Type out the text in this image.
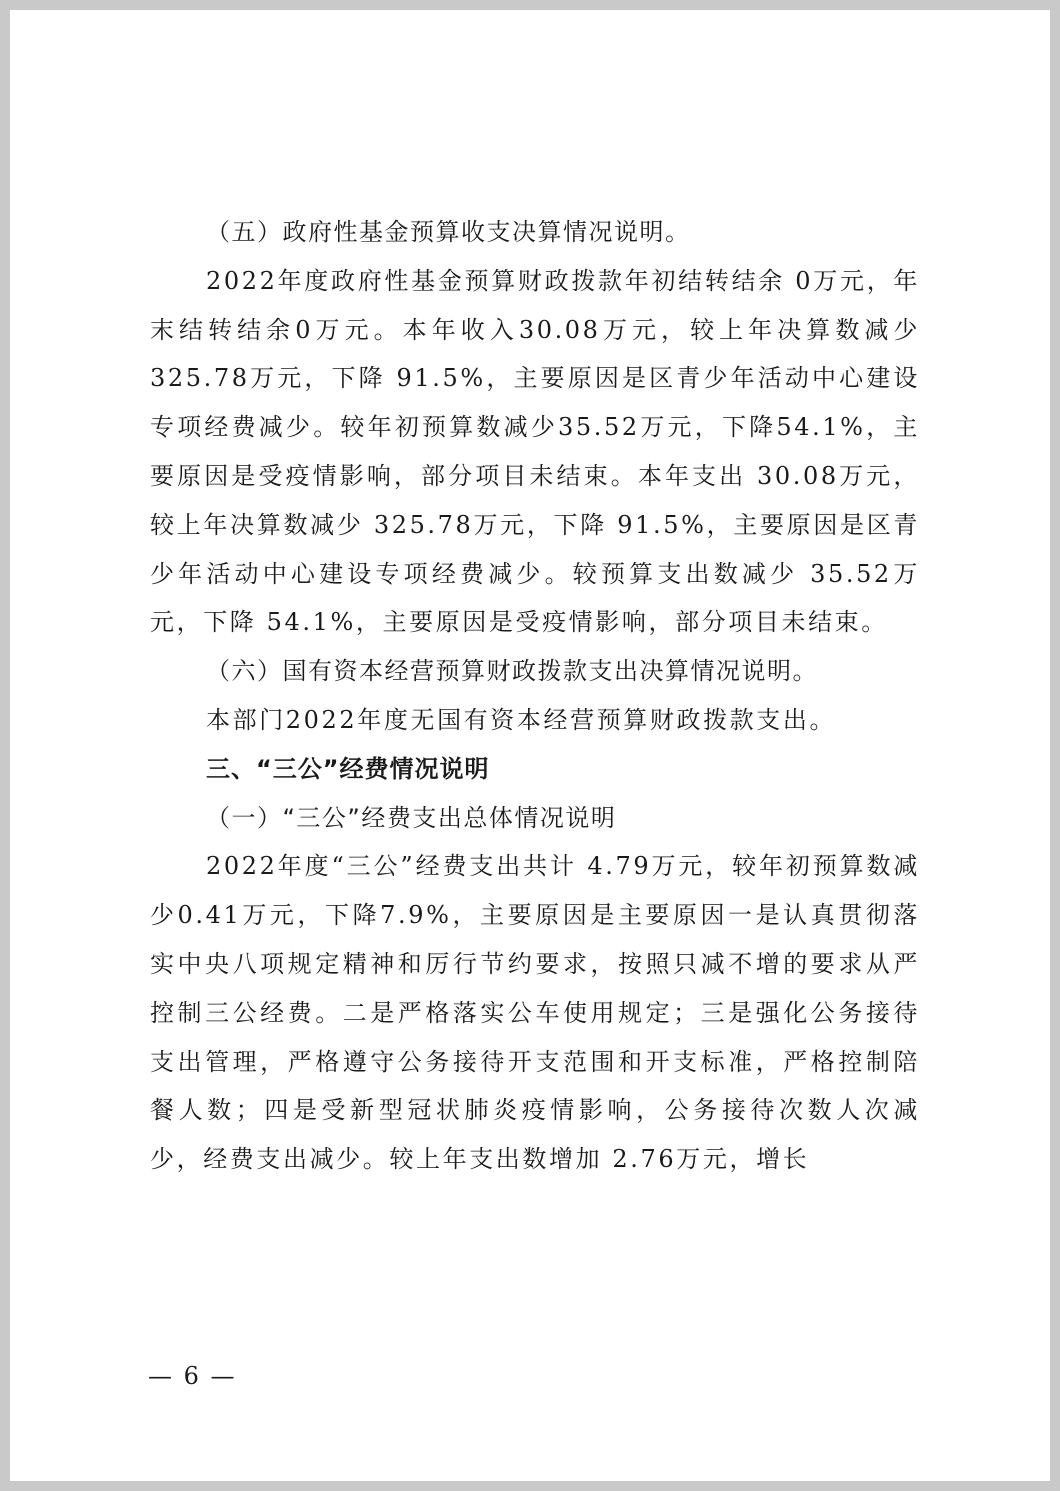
（五）政府性基金预算收支决算情况说明。

2022年度政府性基金预算财政拨款年初结转结余 0万元，年末结转结余0万元。本年收入30.08万元，较上年决算数减少325.78万元，下降 91.5%，主要原因是区青少年活动中心建设专项经费减少。较年初预算数减少35.52万元，下降54.1%，主要原因是受疫情影响，部分项目未结束。本年支出 30.08万元，较上年决算数减少 325.78万元，下降 91.5%，主要原因是区青少年活动中心建设专项经费减少。较预算支出数减少 35.52万元，下降 54.1%，主要原因是受疫情影响，部分项目未结束。

（六）国有资本经营预算财政拨款支出决算情况说明。

本部门2022年度无国有资本经营预算财政拨款支出。

三、“三公”经费情况说明

（一）“三公”经费支出总体情况说明

2022年度“三公”经费支出共计 4.79万元，较年初预算数减少0.41万元，下降7.9%，主要原因是主要原因一是认真贯彻落实中央八项规定精神和厉行节约要求，按照只减不增的要求从严控制三公经费。二是严格落实公车使用规定；三是强化公务接待支出管理，严格遵守公务接待开支范围和开支标准，严格控制陪餐人数；四是受新型冠状肺炎疫情影响，公务接待次数人次减少，经费支出减少。较上年支出数增加 2.76万元，增长

— 6 —
